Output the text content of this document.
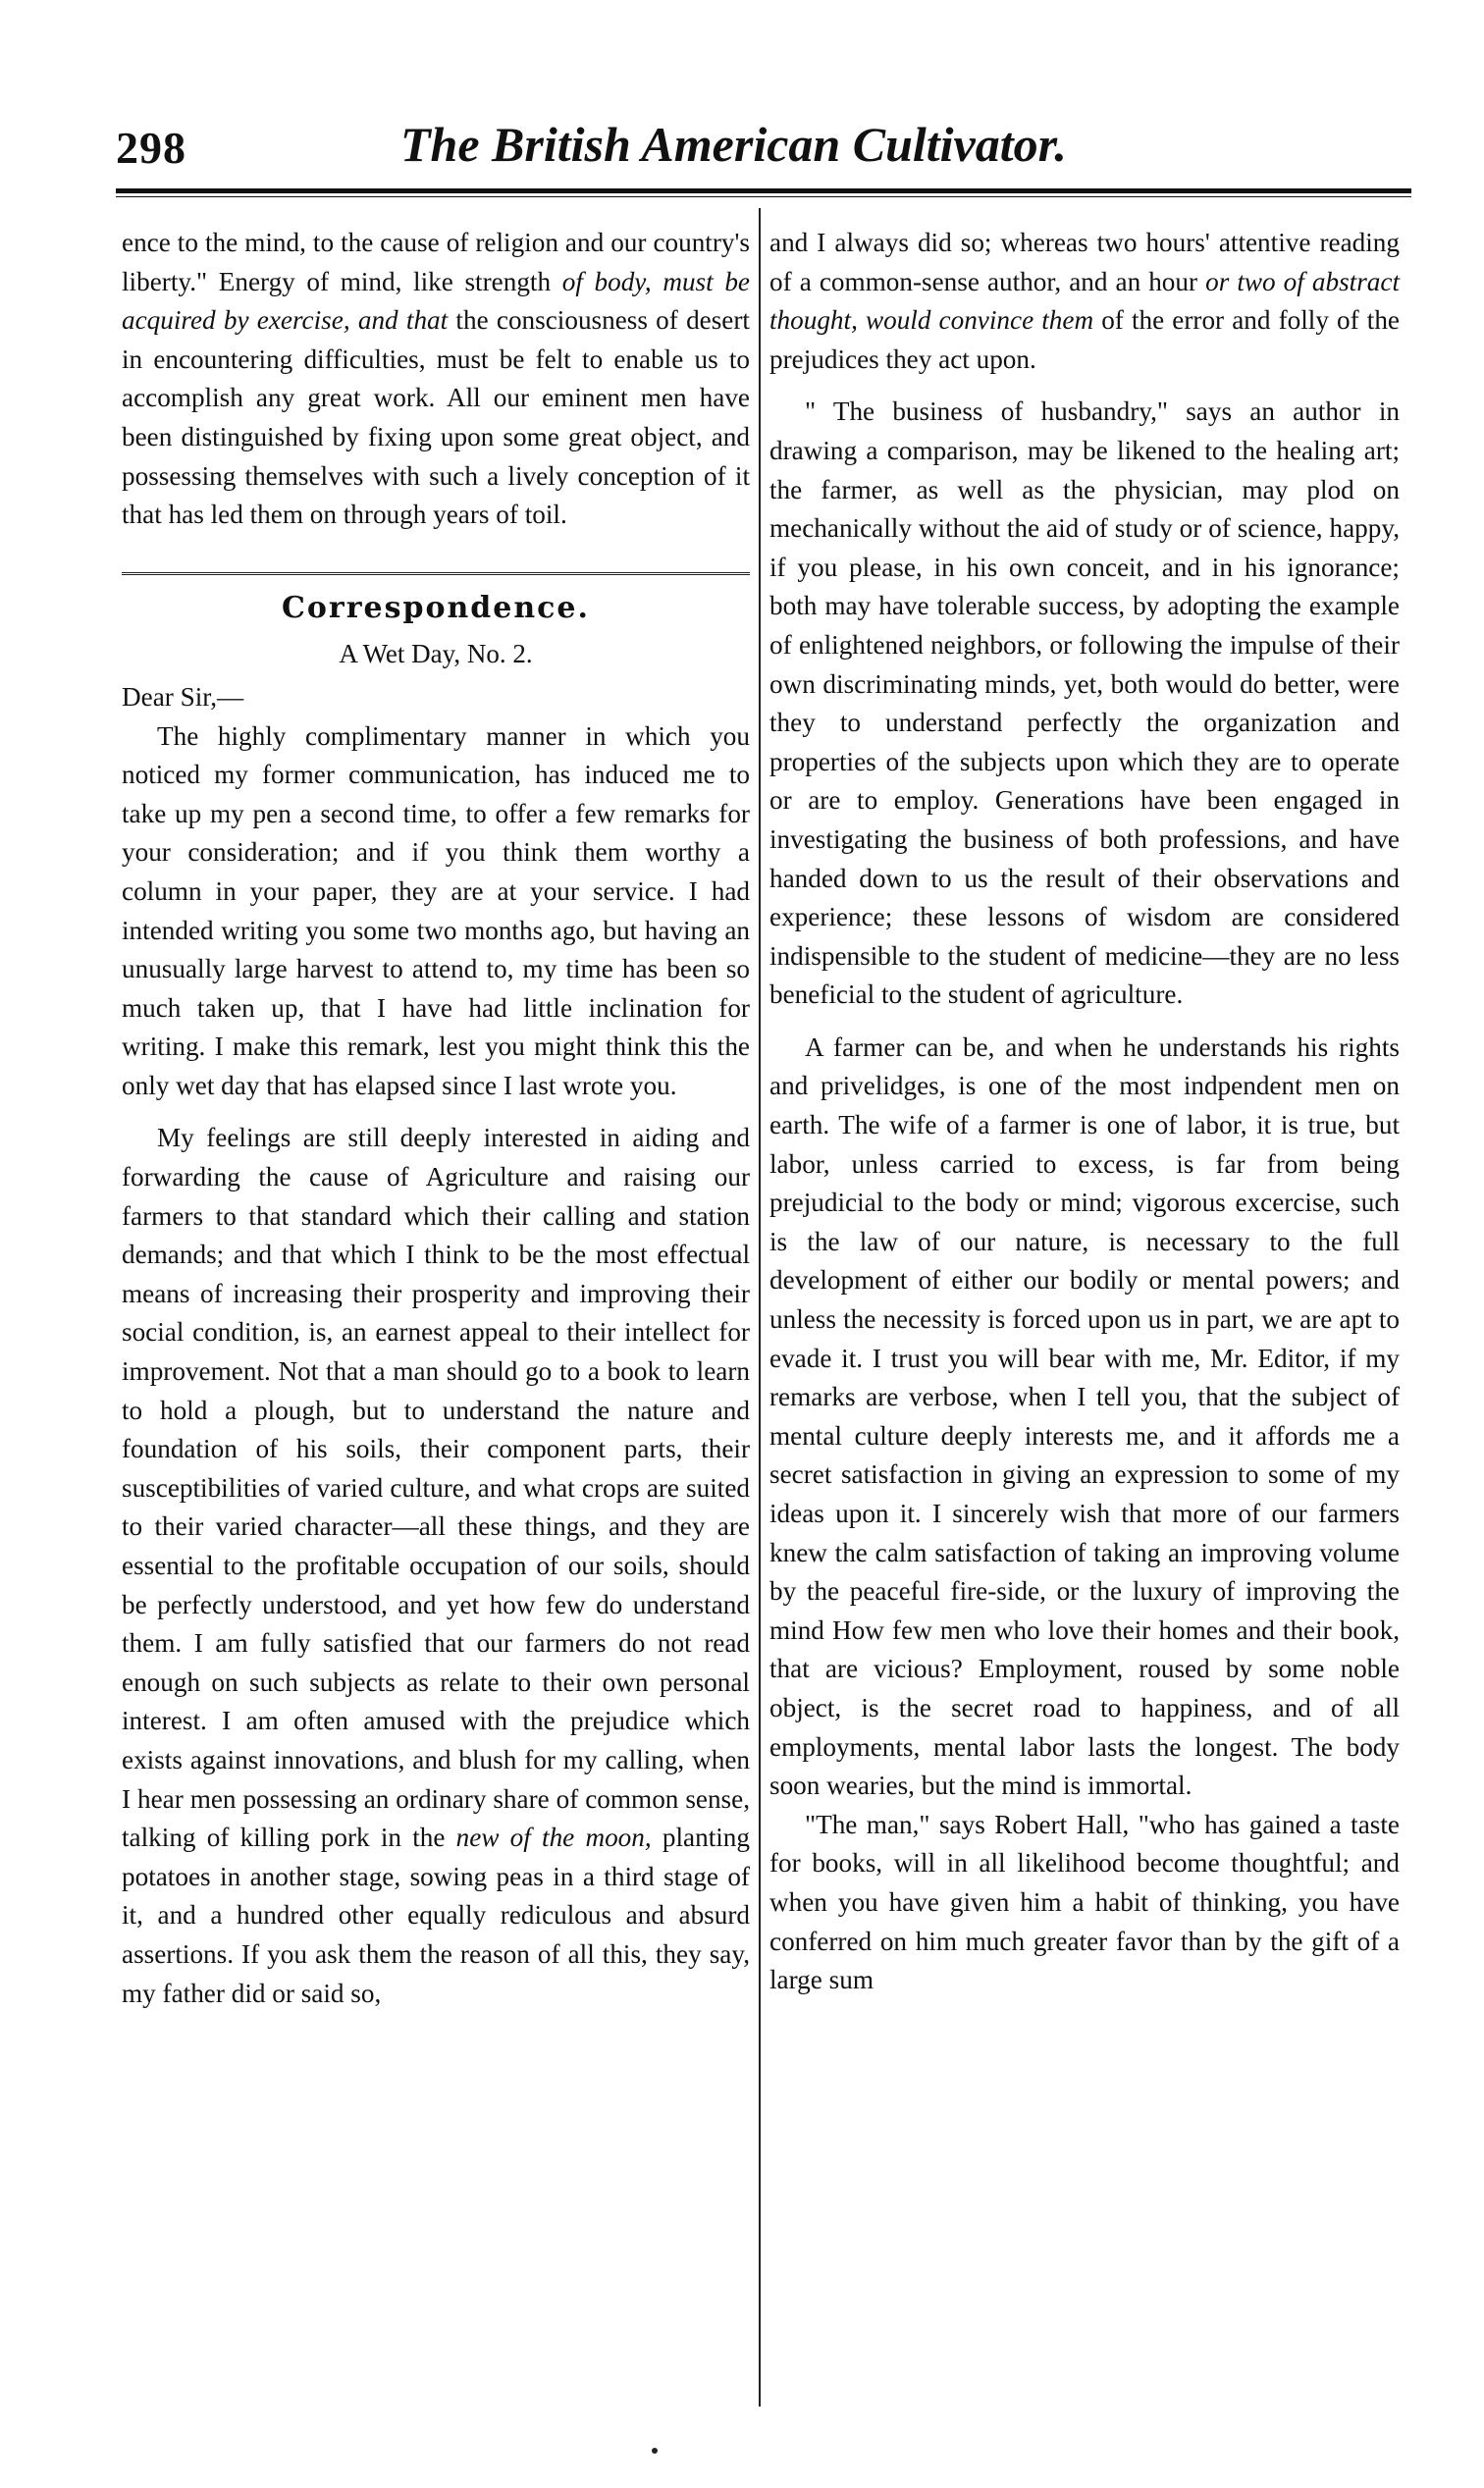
298	The British American Cultivator.

ence to the mind, to the cause of religion and our country's liberty." Energy of mind, like strength of body, must be acquired by exercise, and that the consciousness of desert in encountering difficulties, must be felt to enable us to accomplish any great work. All our eminent men have been distinguished by fixing upon some great object, and possessing themselves with such a lively conception of it that has led them on through years of toil.

Correspondence.

A Wet Day, No. 2.

Dear Sir,—

The highly complimentary manner in which you noticed my former communication, has induced me to take up my pen a second time, to offer a few remarks for your consideration; and if you think them worthy a column in your paper, they are at your service. I had intended writing you some two months ago, but having an unusually large harvest to attend to, my time has been so much taken up, that I have had little inclination for writing. I make this remark, lest you might think this the only wet day that has elapsed since I last wrote you.

My feelings are still deeply interested in aiding and forwarding the cause of Agriculture and raising our farmers to that standard which their calling and station demands; and that which I think to be the most effectual means of increasing their prosperity and improving their social condition, is, an earnest appeal to their intellect for improvement. Not that a man should go to a book to learn to hold a plough, but to understand the nature and foundation of his soils, their component parts, their susceptibilities of varied culture, and what crops are suited to their varied character—all these things, and they are essential to the profitable occupation of our soils, should be perfectly understood, and yet how few do understand them. I am fully satisfied that our farmers do not read enough on such subjects as relate to their own personal interest. I am often amused with the prejudice which exists against innovations, and blush for my calling, when I hear men possessing an ordinary share of common sense, talking of killing pork in the new of the moon, planting potatoes in another stage, sowing peas in a third stage of it, and a hundred other equally rediculous and absurd assertions. If you ask them the reason of all this, they say, my father did or said so,

and I always did so; whereas two hours' attentive reading of a common-sense author, and an hour or two of abstract thought, would convince them of the error and folly of the prejudices they act upon.

" The business of husbandry," says an author in drawing a comparison, may be likened to the healing art; the farmer, as well as the physician, may plod on mechanically without the aid of study or of science, happy, if you please, in his own conceit, and in his ignorance; both may have tolerable success, by adopting the example of enlightened neighbors, or following the impulse of their own discriminating minds, yet, both would do better, were they to understand perfectly the organization and properties of the subjects upon which they are to operate or are to employ. Generations have been engaged in investigating the business of both professions, and have handed down to us the result of their observations and experience; these lessons of wisdom are considered indispensible to the student of medicine—they are no less beneficial to the student of agriculture.

A farmer can be, and when he understands his rights and privelidges, is one of the most indpendent men on earth. The wife of a farmer is one of labor, it is true, but labor, unless carried to excess, is far from being prejudicial to the body or mind; vigorous excercise, such is the law of our nature, is necessary to the full development of either our bodily or mental powers; and unless the necessity is forced upon us in part, we are apt to evade it. I trust you will bear with me, Mr. Editor, if my remarks are verbose, when I tell you, that the subject of mental culture deeply interests me, and it affords me a secret satisfaction in giving an expression to some of my ideas upon it. I sincerely wish that more of our farmers knew the calm satisfaction of taking an improving volume by the peaceful fire-side, or the luxury of improving the mind How few men who love their homes and their book, that are vicious? Employment, roused by some noble object, is the secret road to happiness, and of all employments, mental labor lasts the longest. The body soon wearies, but the mind is immortal.

"The man," says Robert Hall, "who has gained a taste for books, will in all likelihood become thoughtful; and when you have given him a habit of thinking, you have conferred on him much greater favor than by the gift of a large sum
